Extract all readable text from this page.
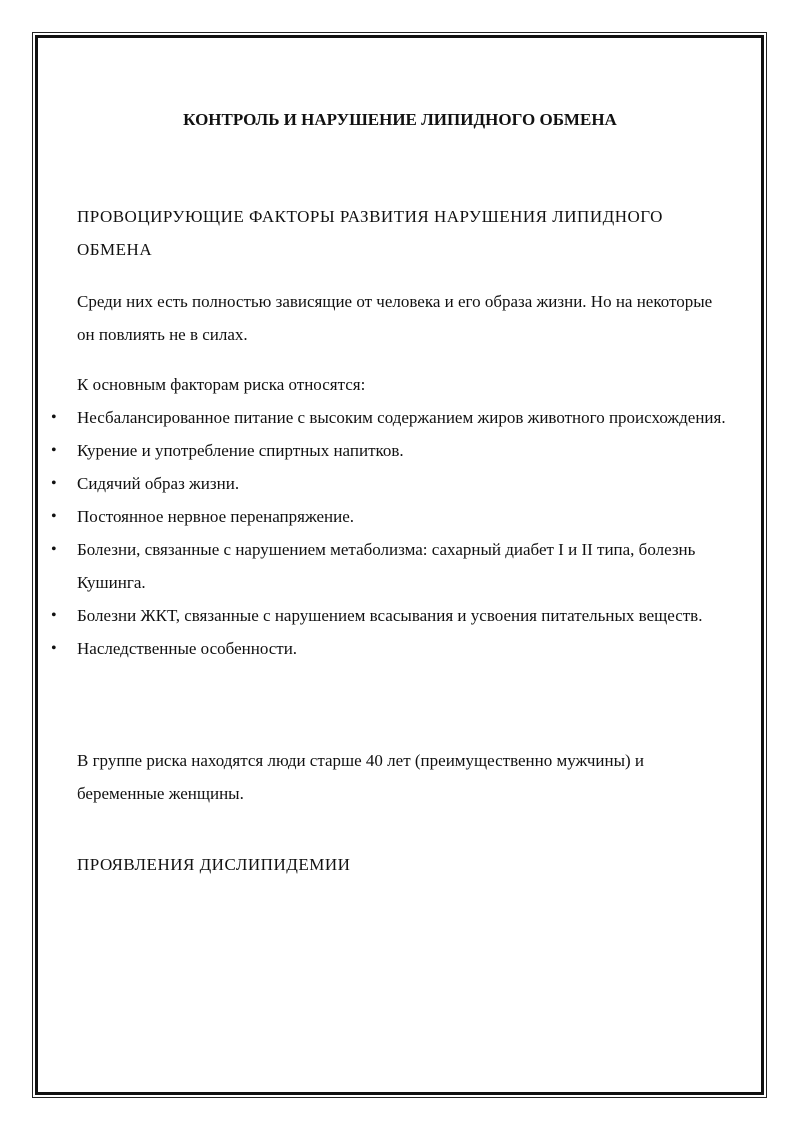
КОНТРОЛЬ И НАРУШЕНИЕ ЛИПИДНОГО ОБМЕНА
ПРОВОЦИРУЮЩИЕ ФАКТОРЫ РАЗВИТИЯ НАРУШЕНИЯ ЛИПИДНОГО ОБМЕНА

Среди них есть полностью зависящие от человека и его образа жизни. Но на некоторые он повлиять не в силах.

К основным факторам риска относятся:

• Несбалансированное питание с высоким содержанием жиров животного происхождения.
• Курение и употребление спиртных напитков.
• Сидячий образ жизни.
• Постоянное нервное перенапряжение.
• Болезни, связанные с нарушением метаболизма: сахарный диабет I и II типа, болезнь Кушинга.
• Болезни ЖКТ, связанные с нарушением всасывания и усвоения питательных веществ.
• Наследственные особенности.

В группе риска находятся люди старше 40 лет (преимущественно мужчины) и беременные женщины.

ПРОЯВЛЕНИЯ ДИСЛИПИДЕМИИ
